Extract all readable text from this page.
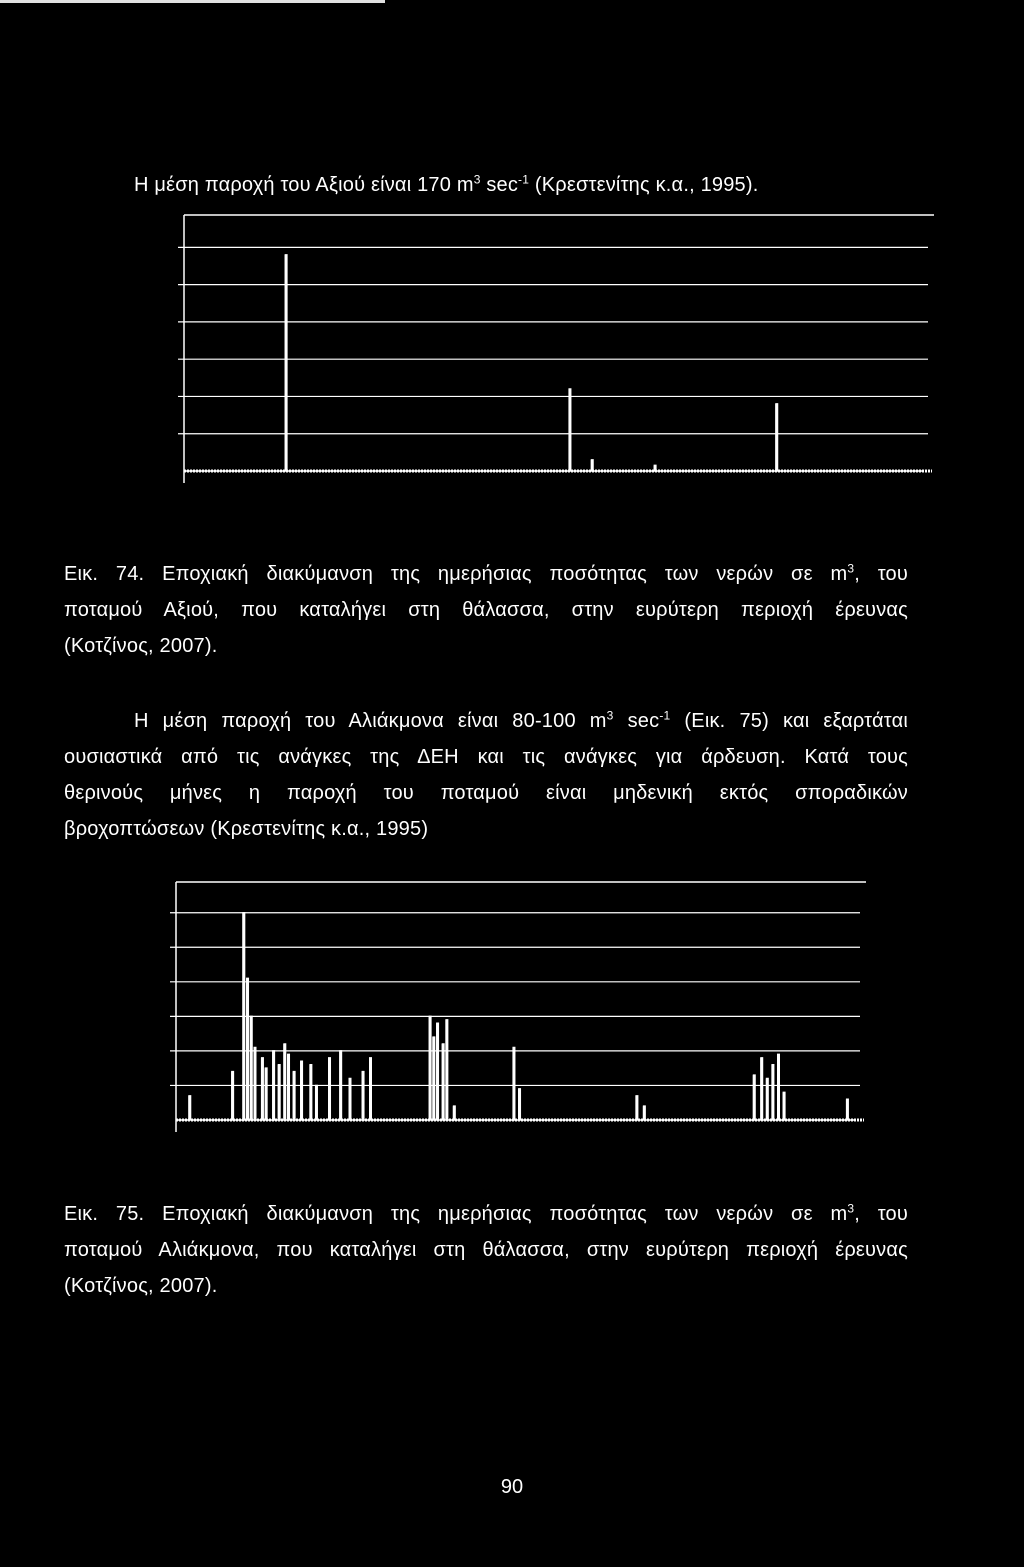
Η μέση παροχή του Αξιού είναι 170 $m^3$ $\sec^{-1} (K\rho\varepsilon\sigma\tau\varepsilon\nu ί\tau\eta\varsigma$ κ.α., 1995).
Εικ. 74. Εποχιακή διακύμανση της ημερήσιας ποσότητας των νερών σε $m^3$, του
ποταμού Αξιού, που καταλήγει στη θάλασσα, στην ευρύτερη περιοχή έρευνας
(Κοτζίνος, 2007).
Η μέση παροχή του Αλιάκμονα είναι 80-100 $m^3$ $\sec^{-1} (E\iota\kappa$. 75) και εξαρτάται
ουσιαστικά από τις ανάγκες της ΔΕΗ και τις ανάγκες για άρδευση. Κατά τους
θερινούς μήνες η παροχή του ποταμού είναι μηδενική εκτός σποραδικών
βροχοπτώσεων (Κρεστενίτης κ.α., 1995)
Εικ. 75. Εποχιακή διακύμανση της ημερήσιας ποσότητας των νερών σε $m^3$, του
ποταμού Αλιάκμονα, που καταλήγει στη θάλασσα, στην ευρύτερη περιοχή έρευνας
(Κοτζίνος, 2007).
90
